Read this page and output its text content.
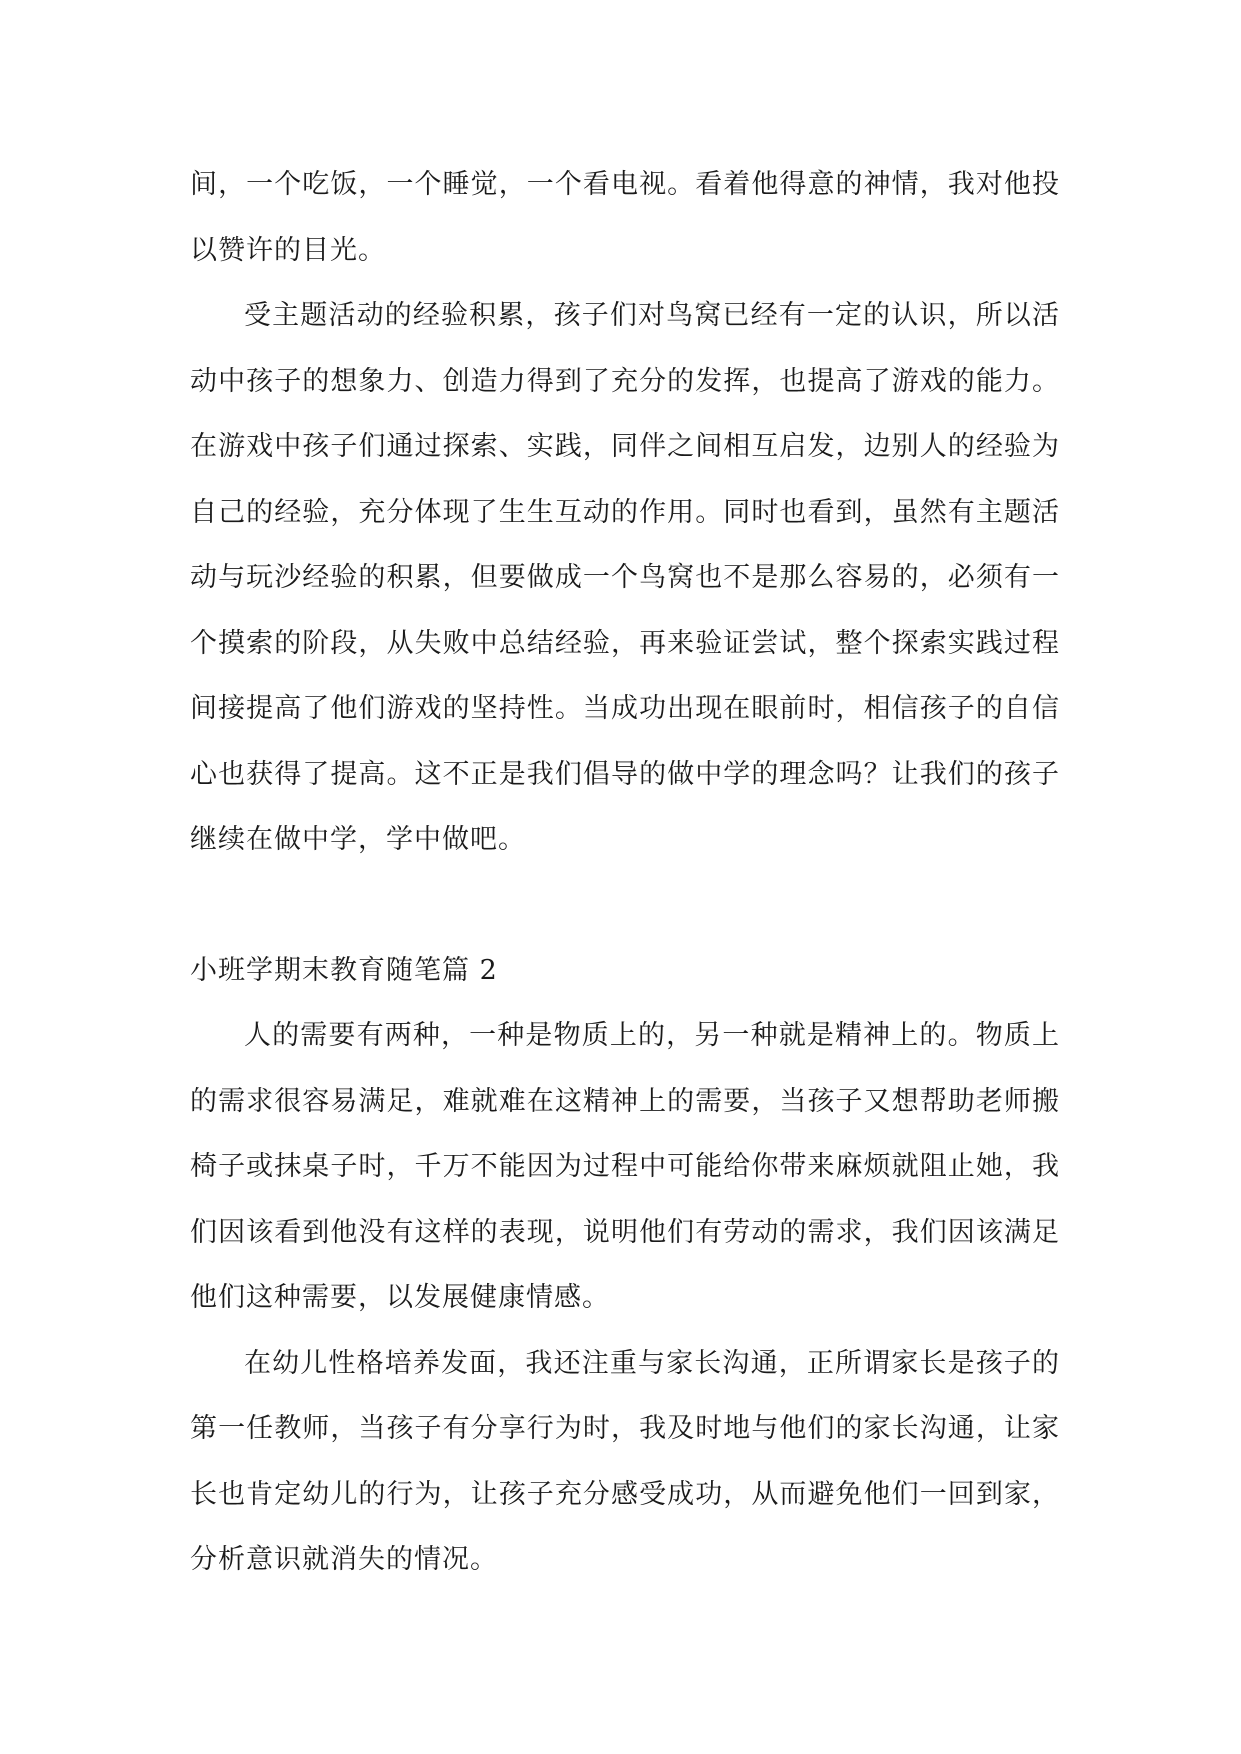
间，一个吃饭，一个睡觉，一个看电视。看着他得意的神情，我对他投以赞许的目光。

受主题活动的经验积累，孩子们对鸟窝已经有一定的认识，所以活动中孩子的想象力、创造力得到了充分的发挥，也提高了游戏的能力。在游戏中孩子们通过探索、实践，同伴之间相互启发，边别人的经验为自己的经验，充分体现了生生互动的作用。同时也看到，虽然有主题活动与玩沙经验的积累，但要做成一个鸟窝也不是那么容易的，必须有一个摸索的阶段，从失败中总结经验，再来验证尝试，整个探索实践过程间接提高了他们游戏的坚持性。当成功出现在眼前时，相信孩子的自信心也获得了提高。这不正是我们倡导的做中学的理念吗？让我们的孩子继续在做中学，学中做吧。

小班学期末教育随笔篇 2

人的需要有两种，一种是物质上的，另一种就是精神上的。物质上的需求很容易满足，难就难在这精神上的需要，当孩子又想帮助老师搬椅子或抹桌子时，千万不能因为过程中可能给你带来麻烦就阻止她，我们因该看到他没有这样的表现，说明他们有劳动的需求，我们因该满足他们这种需要，以发展健康情感。

在幼儿性格培养发面，我还注重与家长沟通，正所谓家长是孩子的第一任教师，当孩子有分享行为时，我及时地与他们的家长沟通，让家长也肯定幼儿的行为，让孩子充分感受成功，从而避免他们一回到家，分析意识就消失的情况。
